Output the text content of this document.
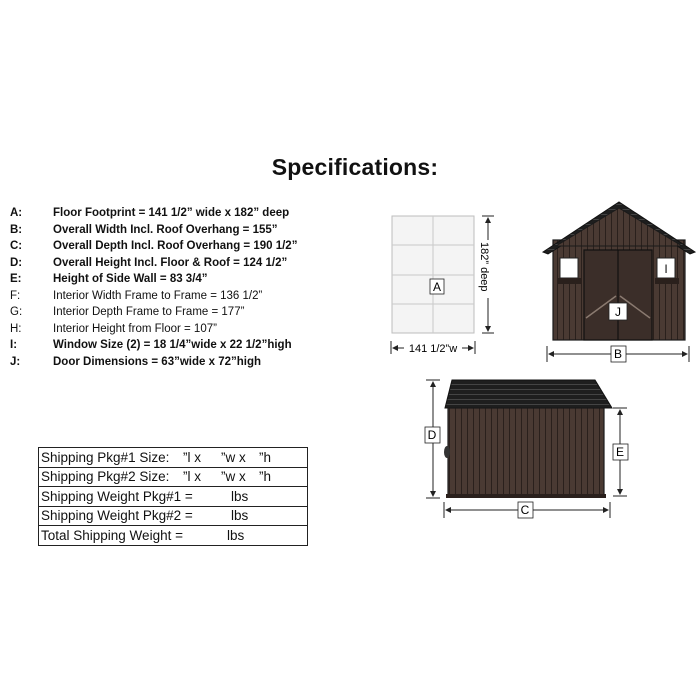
Specifications:
A:	Floor Footprint = 141 1/2” wide x 182” deep
B:	Overall Width Incl. Roof Overhang = 155”
C:	Overall Depth Incl. Roof Overhang = 190 1/2”
D:	Overall Height Incl. Floor & Roof = 124 1/2”
E:	Height of Side Wall = 83 3/4”
F:	Interior Width Frame to Frame = 136 1/2”
G:	Interior Depth Frame to Frame = 177”
H:	Interior Height from Floor = 107”
I:	Window Size (2) = 18 1/4”wide x 22 1/2”high
J:	Door Dimensions = 63”wide x 72”high
Shipping Pkg#1 Size:	”l x	”w x ”h
Shipping Pkg#2 Size:	”l x	”w x ”h
Shipping Weight Pkg#1 =	lbs
Shipping Weight Pkg#2 =	lbs
Total Shipping Weight =	lbs
A	182” deep
141 1/2”w
I
J
B
D
E
C
